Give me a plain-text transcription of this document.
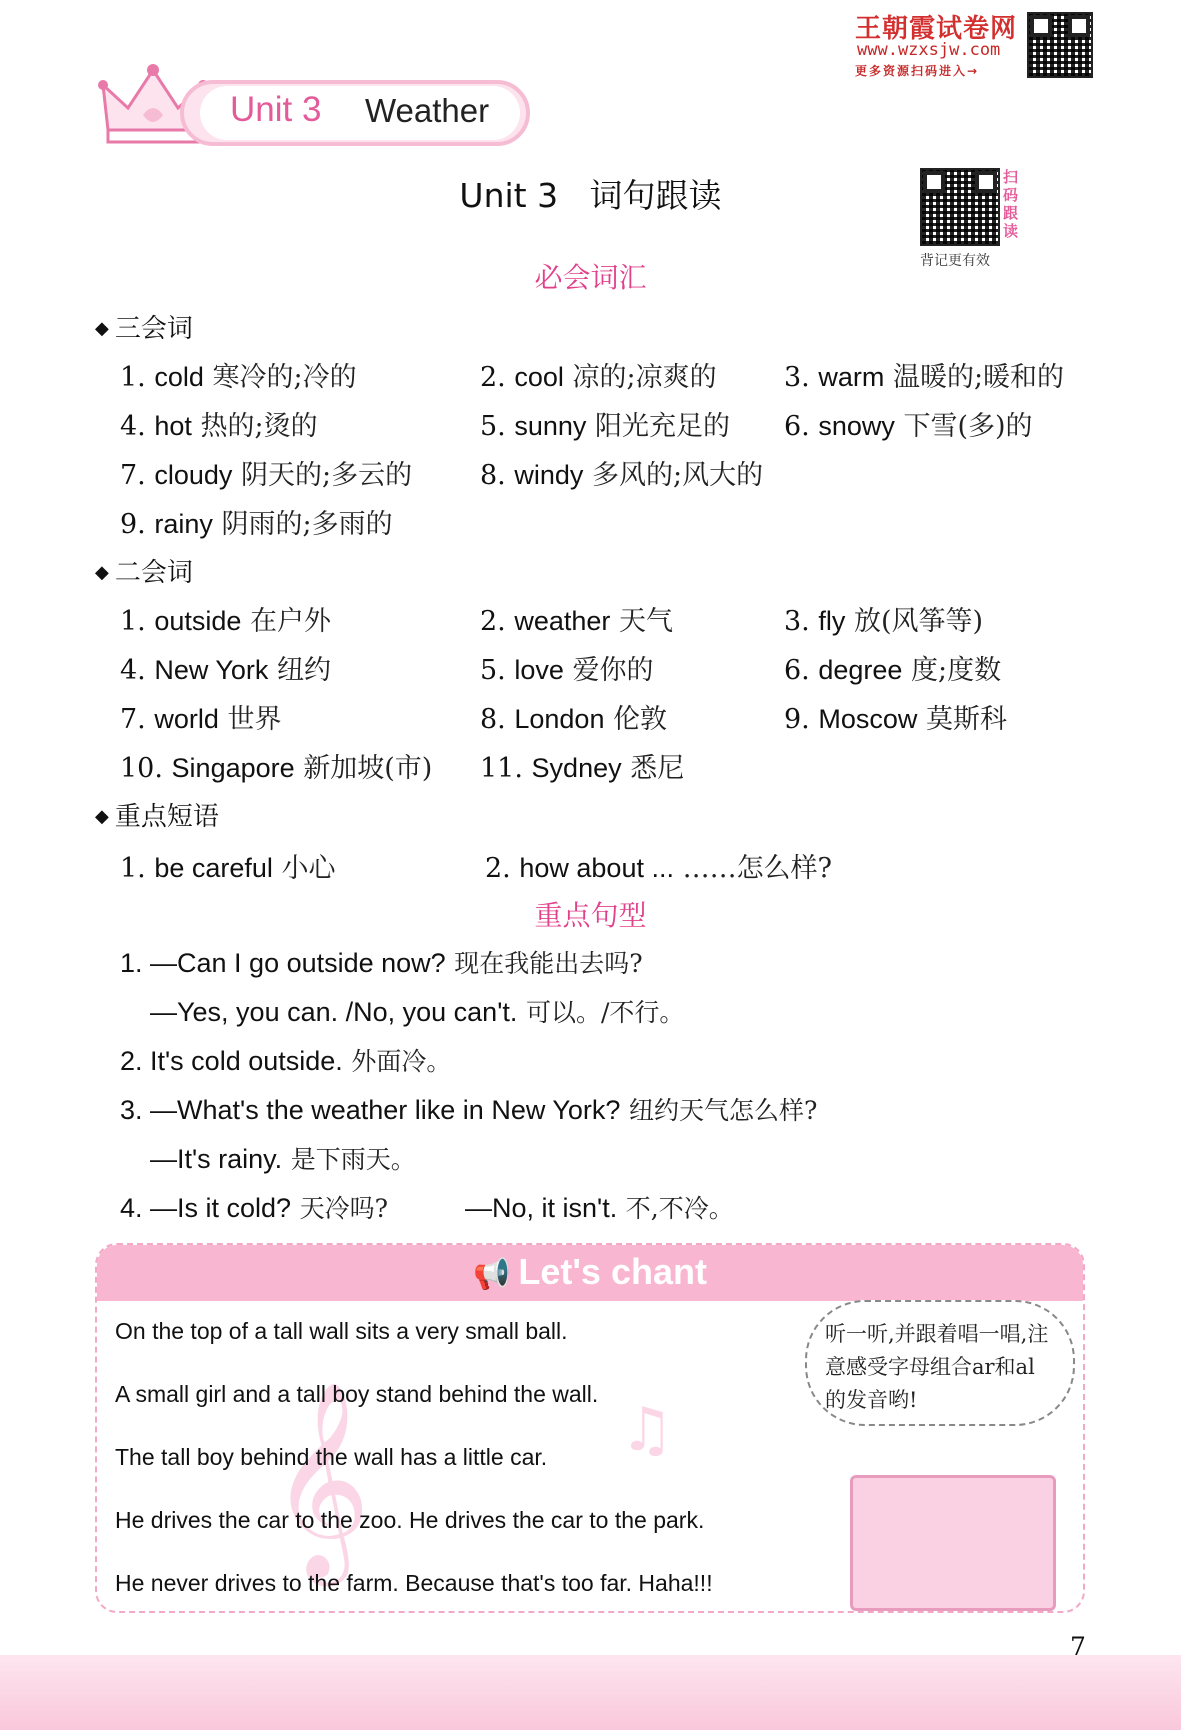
王朝霞试卷网
www.wzxsjw.com
更多资源扫码进入→
Unit 3 Weather
Unit 3   词句跟读	扫码跟读
背记更有效
必会词汇
◆ 三会词
1. cold 寒冷的;冷的	2. cool 凉的;凉爽的 3. warm 温暖的;暖和的
4. hot 热的;烫的	5. sunny 阳光充足的 6. snowy 下雪(多)的
7. cloudy 阴天的;多云的	8. windy 多风的;风大的
9. rainy 阴雨的;多雨的
◆ 二会词
1. outside 在户外	2. weather 天气	3. fly 放(风筝等)
4. New York 纽约	5. love 爱你的	6. degree 度;度数
7. world 世界	8. London 伦敦	9. Moscow 莫斯科
10. Singapore 新加坡(市) 11. Sydney 悉尼
◆ 重点短语
1. be careful 小心	2. how about ... ……怎么样?
重点句型
1. —Can I go outside now? 现在我能出去吗?
—Yes, you can. /No, you can't. 可以。/不行。
2. It's cold outside. 外面冷。
3. —What's the weather like in New York? 纽约天气怎么样?
—It's rainy. 是下雨天。
4. —Is it cold? 天冷吗?	—No, it isn't. 不,不冷。
📢 Let's chant
𝄞	♫
On the top of a tall wall sits a very small ball.
A small girl and a tall boy stand behind the wall.
The tall boy behind the wall has a little car.
He drives the car to the zoo. He drives the car to the park.
He never drives to the farm. Because that's too far. Haha!!!
听一听,并跟着唱一唱,注意感受字母组合ar和al的发音哟!
7
